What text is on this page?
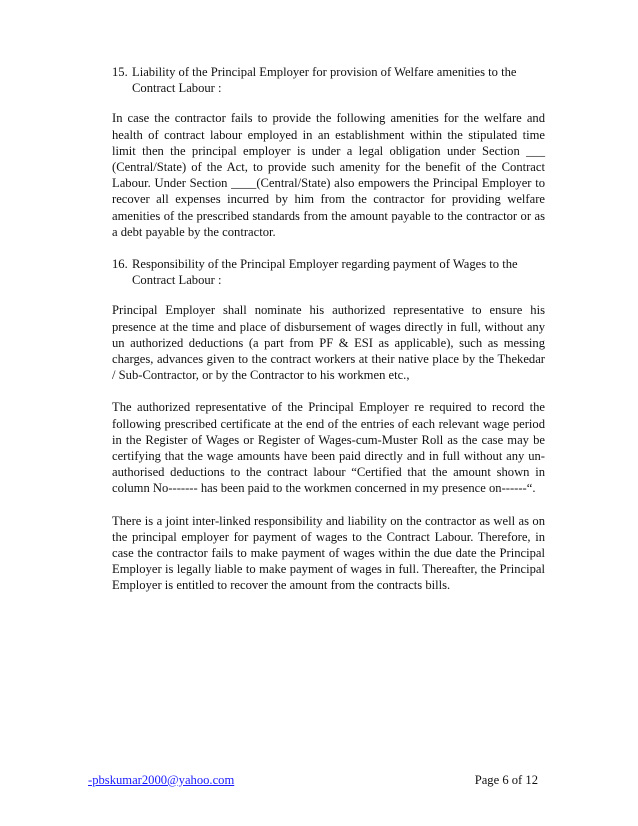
15. Liability of the Principal Employer for provision of Welfare amenities to the Contract Labour :

In case the contractor fails to provide the following amenities for the welfare and health of contract labour employed in an establishment within the stipulated time limit then the principal employer is under a legal obligation under Section ___ (Central/State) of the Act, to provide such amenity for the benefit of the Contract Labour. Under Section ____(Central/State) also empowers the Principal Employer to recover all expenses incurred by him from the contractor for providing welfare amenities of the prescribed standards from the amount payable to the contractor or as a debt payable by the contractor.

16. Responsibility of the Principal Employer regarding payment of Wages to the Contract Labour :

Principal Employer shall nominate his authorized representative to ensure his presence at the time and place of disbursement of wages directly in full, without any un authorized deductions (a part from PF & ESI as applicable), such as messing charges, advances given to the contract workers at their native place by the Thekedar / Sub-Contractor, or by the Contractor to his workmen etc.,

The authorized representative of the Principal Employer re required to record the following prescribed certificate at the end of the entries of each relevant wage period in the Register of Wages or Register of Wages-cum-Muster Roll as the case may be certifying that the wage amounts have been paid directly and in full without any un-authorised deductions to the contract labour “Certified that the amount shown in column No------- has been paid to the workmen concerned in my presence on------“.

There is a joint inter-linked responsibility and liability on the contractor as well as on the principal employer for payment of wages to the Contract Labour. Therefore, in case the contractor fails to make payment of wages within the due date the Principal Employer is legally liable to make payment of wages in full. Thereafter, the Principal Employer is entitled to recover the amount from the contracts bills.

-pbskumar2000@yahoo.com	Page 6 of 12
